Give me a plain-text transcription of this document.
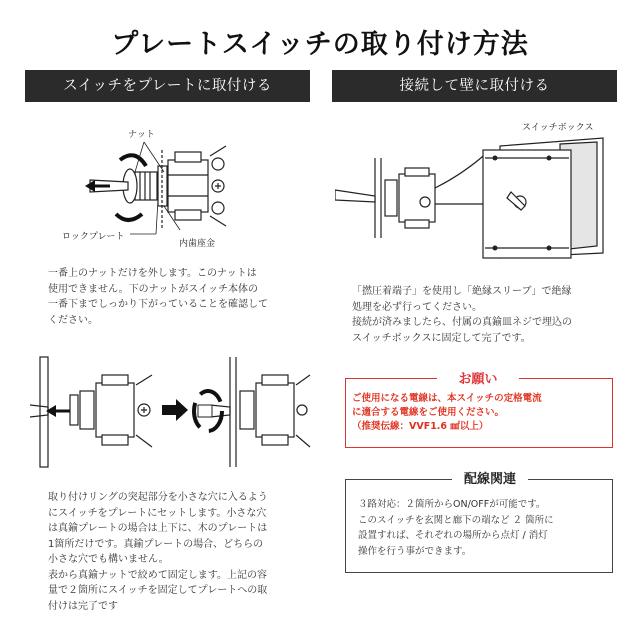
プレートスイッチの取り付け方法
スイッチをプレートに取付ける	接続して壁に取付ける
ナット
ロックプレート
内歯座金
一番上のナットだけを外します。このナットは
使用できません。下のナットがスイッチ本体の
一番下までしっかり下がっていることを確認して
ください。
取り付けリングの突起部分を小さな穴に入るよう
にスイッチをプレートにセットします。小さな穴
は真鍮プレートの場合は上下に、木のプレートは
1箇所だけです。真鍮プレートの場合、どちらの
小さな穴でも構いません。
表から真鍮ナットで絞めて固定します。上記の容
量で２箇所にスイッチを固定してプレートへの取
付けは完了です
スイッチボックス
「撚圧着端子」を使用し「絶縁スリーブ」で絶縁
処理を必ず行ってください。
接続が済みましたら、付属の真鍮皿ネジで埋込の
スイッチボックスに固定して完了です。
お願い
ご使用になる電線は、本スイッチの定格電流
に適合する電線をご使用ください。
（推奨伝線：VVF1.6 ㎟以上）
配線関連
３路対応：２箇所からON/OFFが可能です。
このスイッチを玄関と廊下の端など ２ 箇所に
設置すれば、それぞれの場所から点灯 / 消灯
操作を行う事ができます。
